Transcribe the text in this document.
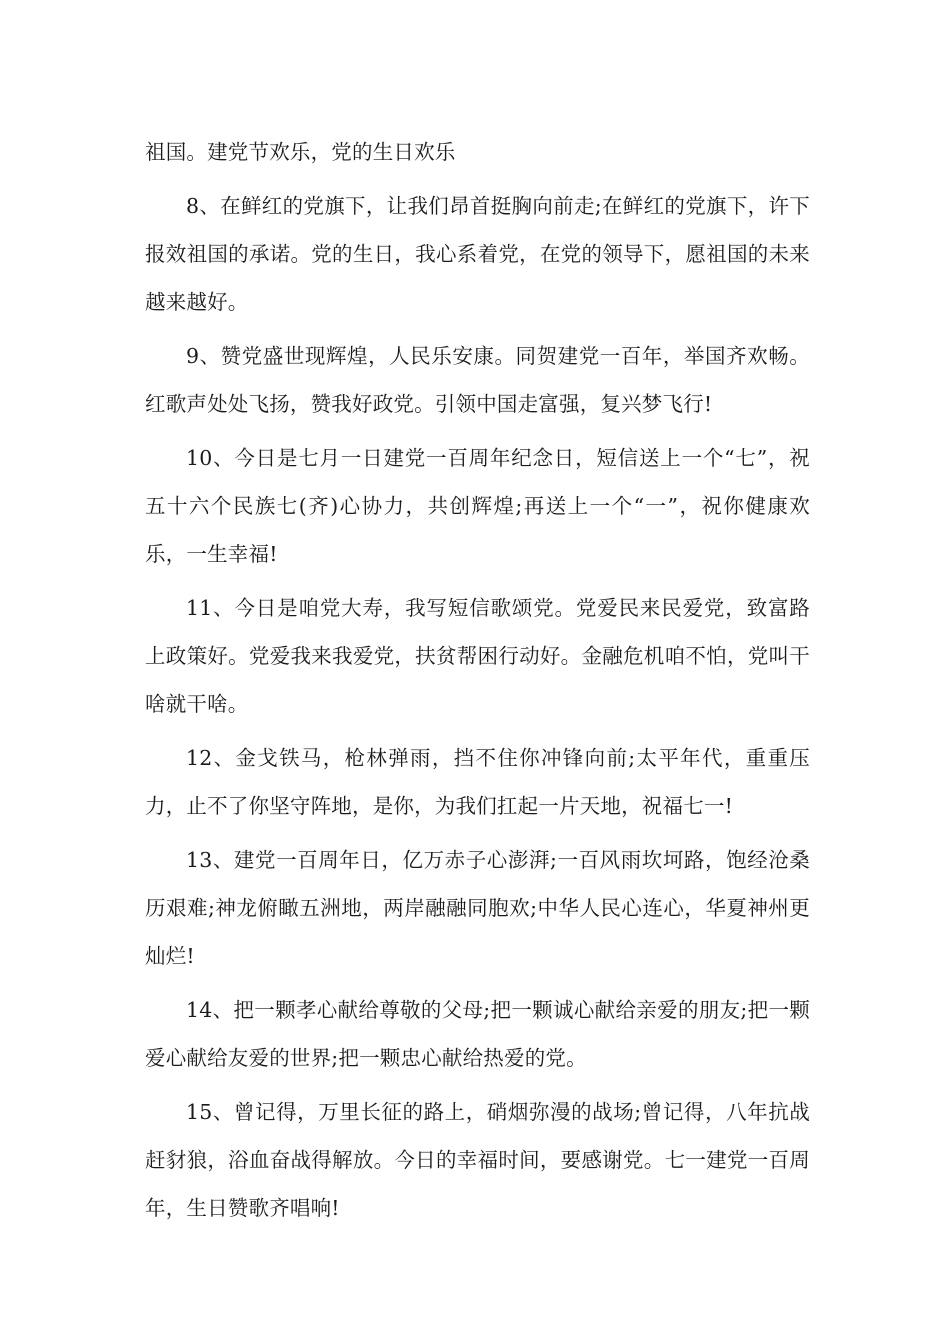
祖国。建党节欢乐，党的生日欢乐

8、在鲜红的党旗下，让我们昂首挺胸向前走;在鲜红的党旗下，许下报效祖国的承诺。党的生日，我心系着党，在党的领导下，愿祖国的未来越来越好。

9、赞党盛世现辉煌，人民乐安康。同贺建党一百年，举国齐欢畅。红歌声处处飞扬，赞我好政党。引领中国走富强，复兴梦飞行!

10、今日是七月一日建党一百周年纪念日，短信送上一个“七”，祝五十六个民族七(齐)心协力，共创辉煌;再送上一个“一”，祝你健康欢乐，一生幸福!

11、今日是咱党大寿，我写短信歌颂党。党爱民来民爱党，致富路上政策好。党爱我来我爱党，扶贫帮困行动好。金融危机咱不怕，党叫干啥就干啥。

12、金戈铁马，枪林弹雨，挡不住你冲锋向前;太平年代，重重压力，止不了你坚守阵地，是你，为我们扛起一片天地，祝福七一!

13、建党一百周年日，亿万赤子心澎湃;一百风雨坎坷路，饱经沧桑历艰难;神龙俯瞰五洲地，两岸融融同胞欢;中华人民心连心，华夏神州更灿烂!

14、把一颗孝心献给尊敬的父母;把一颗诚心献给亲爱的朋友;把一颗爱心献给友爱的世界;把一颗忠心献给热爱的党。

15、曾记得，万里长征的路上，硝烟弥漫的战场;曾记得，八年抗战赶豺狼，浴血奋战得解放。今日的幸福时间，要感谢党。七一建党一百周年，生日赞歌齐唱响!
